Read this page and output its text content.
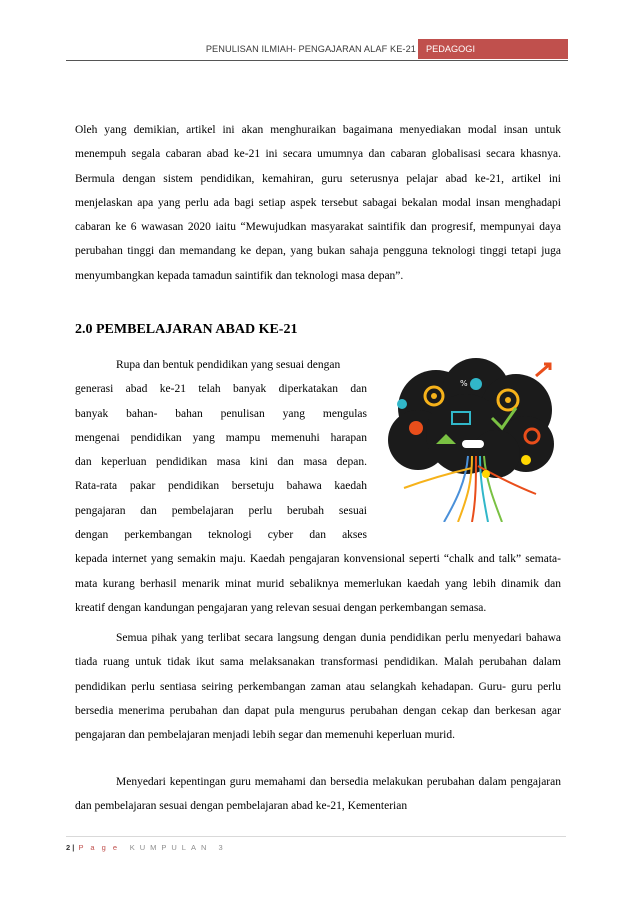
PENULISAN ILMIAH- PENGAJARAN ALAF KE-21	PEDAGOGI

Oleh yang demikian, artikel ini akan menghuraikan bagaimana menyediakan modal insan untuk menempuh segala cabaran abad ke-21 ini secara umumnya dan cabaran globalisasi secara khasnya. Bermula dengan sistem pendidikan, kemahiran, guru seterusnya pelajar abad ke-21, artikel ini menjelaskan apa yang perlu ada bagi setiap aspek tersebut sabagai bekalan modal insan menghadapi cabaran ke 6 wawasan 2020 iaitu “Mewujudkan masyarakat saintifik dan progresif, mempunyai daya perubahan tinggi dan memandang ke depan, yang bukan sahaja pengguna teknologi tinggi tetapi juga menyumbangkan kepada tamadun saintifik dan teknologi masa depan”.

2.0 PEMBELAJARAN ABAD KE-21
Rupa dan bentuk pendidikan yang sesuai dengan
generasi abad ke-21 telah banyak diperkatakan dan
banyak bahan- bahan penulisan yang mengulas
mengenai pendidikan yang mampu memenuhi harapan
dan keperluan pendidikan masa kini dan masa depan.
Rata-rata pakar pendidikan bersetuju bahawa kaedah
pengajaran dan pembelajaran perlu berubah sesuai
dengan perkembangan teknologi cyber dan akses
kepada internet yang semakin maju. Kaedah pengajaran konvensional seperti “chalk and talk” semata-mata kurang berhasil menarik minat murid sebaliknya memerlukan kaedah yang lebih dinamik dan kreatif dengan kandungan pengajaran yang relevan sesuai dengan perkembangan semasa.
%

Semua pihak yang terlibat secara langsung dengan dunia pendidikan perlu menyedari bahawa tiada ruang untuk tidak ikut sama melaksanakan transformasi pendidikan. Malah perubahan dalam pendidikan perlu sentiasa seiring perkembangan zaman atau selangkah kehadapan. Guru- guru perlu bersedia menerima perubahan dan dapat pula mengurus perubahan dengan cekap dan berkesan agar pengajaran dan pembelajaran menjadi lebih segar dan memenuhi keperluan murid.

Menyedari kepentingan guru memahami dan bersedia melakukan perubahan dalam pengajaran dan pembelajaran sesuai dengan pembelajaran abad ke-21, Kementerian

2 | P a g e KUMPULAN 3
